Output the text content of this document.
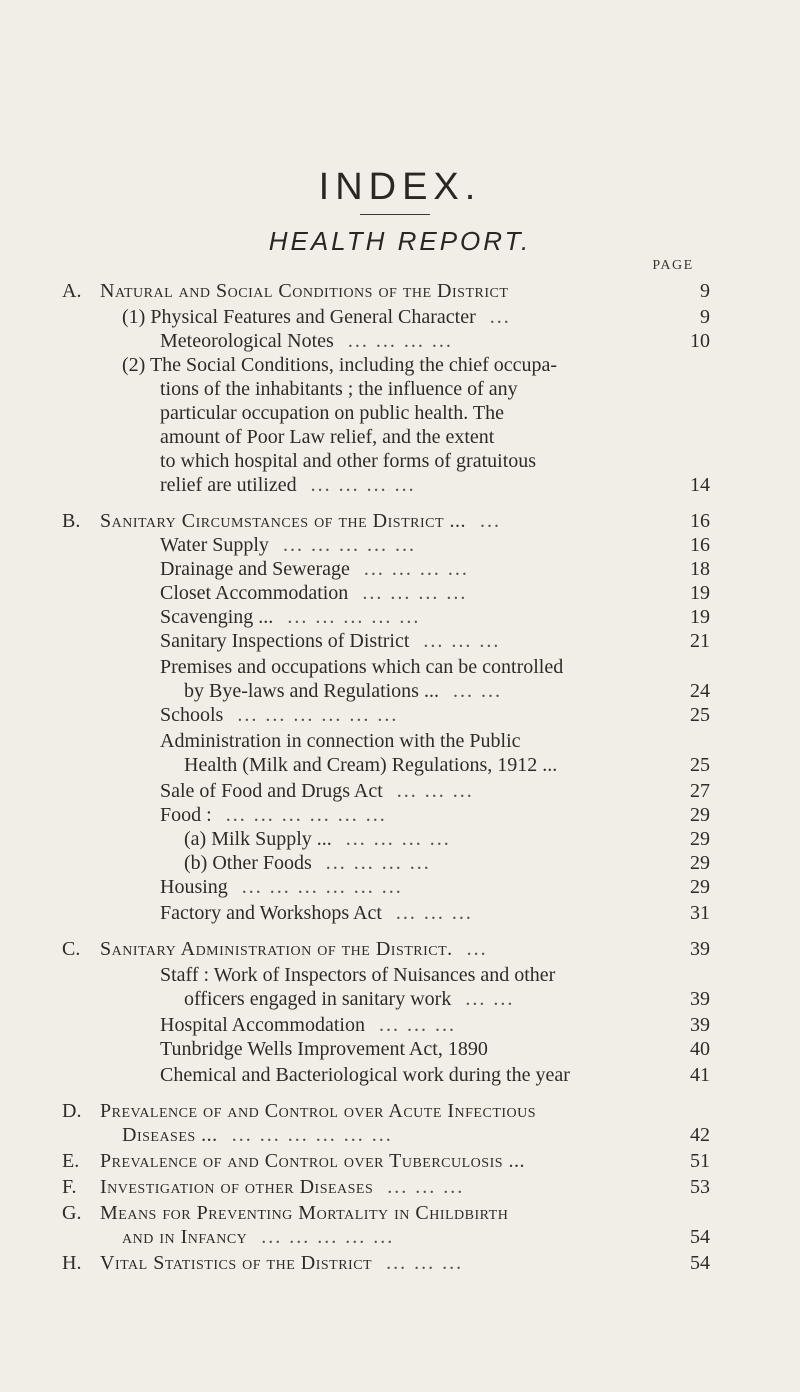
INDEX.
HEALTH REPORT.
PAGE
A. Natural and Social Conditions of the District	9
(1) Physical Features and General Character  ...	9
Meteorological Notes  ... ... ... ...	10
(2) The Social Conditions, including the chief occupa-
tions of the inhabitants ; the influence of any
particular occupation on public health. The
amount of Poor Law relief, and the extent
to which hospital and other forms of gratuitous
relief are utilized  ... ... ... ...	14
B. Sanitary Circumstances of the District ...  ...	16
Water Supply  ... ... ... ... ...	16
Drainage and Sewerage  ... ... ... ...	18
Closet Accommodation  ... ... ... ...	19
Scavenging ...  ... ... ... ... ...	19
Sanitary Inspections of District  ... ... ...	21
Premises and occupations which can be controlled
by Bye-laws and Regulations ...  ... ...	24
Schools  ... ... ... ... ... ...	25
Administration in connection with the Public
Health (Milk and Cream) Regulations, 1912 ...	25
Sale of Food and Drugs Act  ... ... ...	27
Food :  ... ... ... ... ... ...	29
(a) Milk Supply ...  ... ... ... ...	29
(b) Other Foods  ... ... ... ...	29
Housing  ... ... ... ... ... ...	29
Factory and Workshops Act  ... ... ...	31
C. Sanitary Administration of the District.  ...	39
Staff : Work of Inspectors of Nuisances and other
officers engaged in sanitary work  ... ...	39
Hospital Accommodation  ... ... ...	39
Tunbridge Wells Improvement Act, 1890	40
Chemical and Bacteriological work during the year	41
D. Prevalence of and Control over Acute Infectious
Diseases ...  ... ... ... ... ... ...	42
E. Prevalence of and Control over Tuberculosis ...	51
F. Investigation of other Diseases  ... ... ...	53
G. Means for Preventing Mortality in Childbirth
and in Infancy  ... ... ... ... ...	54
H. Vital Statistics of the District  ... ... ...	54
